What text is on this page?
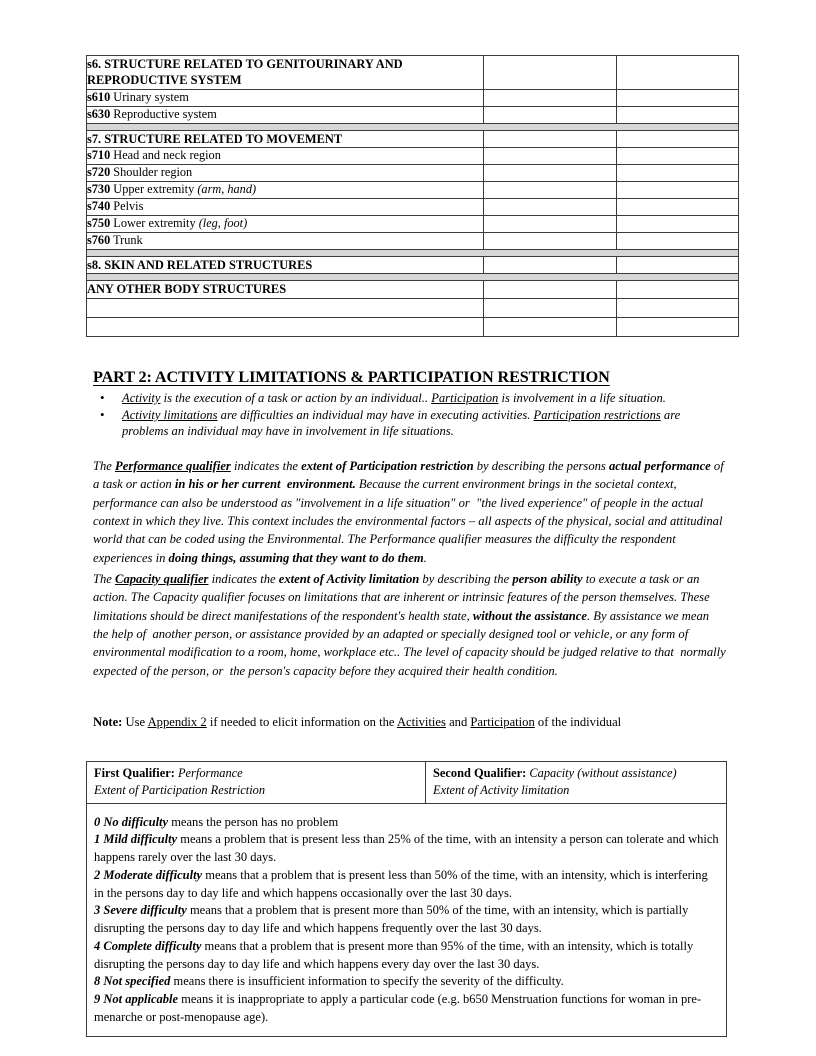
s6. STRUCTURE RELATED TO GENITOURINARY AND REPRODUCTIVE SYSTEM		
s610 Urinary system		
s630 Reproductive system		

s7. STRUCTURE RELATED TO MOVEMENT		
s710 Head and neck region		
s720 Shoulder region		
s730 Upper extremity (arm, hand)		
s740 Pelvis		
s750 Lower extremity (leg, foot)		
s760 Trunk		

s8. SKIN AND RELATED STRUCTURES		

ANY OTHER BODY STRUCTURES		

PART 2: ACTIVITY LIMITATIONS & PARTICIPATION RESTRICTION
• Activity is the execution of a task or action by an individual.. Participation is involvement in a life situation.
• Activity limitations are difficulties an individual may have in executing activities. Participation restrictions are problems an individual may have in involvement in life situations.
The Performance qualifier indicates the extent of Participation restriction by describing the persons actual performance of a task or action in his or her current  environment. Because the current environment brings in the societal context, performance can also be understood as "involvement in a life situation" or  "the lived experience" of people in the actual context in which they live. This context includes the environmental factors – all aspects of the physical, social and attitudinal world that can be coded using the Environmental. The Performance qualifier measures the difficulty the respondent experiences in doing things, assuming that they want to do them.
The Capacity qualifier indicates the extent of Activity limitation by describing the person ability to execute a task or an action. The Capacity qualifier focuses on limitations that are inherent or intrinsic features of the person themselves. These limitations should be direct manifestations of the respondent's health state, without the assistance. By assistance we mean the help of  another person, or assistance provided by an adapted or specially designed tool or vehicle, or any form of environmental modification to a room, home, workplace etc.. The level of capacity should be judged relative to that  normally expected of the person, or  the person's capacity before they acquired their health condition.
Note: Use Appendix 2 if needed to elicit information on the Activities and Participation of the individual
First Qualifier: Performance
Extent of Participation Restriction
Second Qualifier: Capacity (without assistance)
Extent of Activity limitation

0 No difficulty means the person has no problem

1 Mild difficulty means a problem that is present less than 25% of the time, with an intensity a person can tolerate and which happens rarely over the last 30 days.

2 Moderate difficulty means that a problem that is present less than 50% of the time, with an intensity, which is interfering in the persons day to day life and which happens occasionally over the last 30 days.

3 Severe difficulty means that a problem that is present more than 50% of the time, with an intensity, which is partially disrupting the persons day to day life and which happens frequently over the last 30 days.

4 Complete difficulty means that a problem that is present more than 95% of the time, with an intensity, which is totally disrupting the persons day to day life and which happens every day over the last 30 days.

8 Not specified means there is insufficient information to specify the severity of the difficulty.

9 Not applicable means it is inappropriate to apply a particular code (e.g. b650 Menstruation functions for woman in pre-menarche or post-menopause age).
